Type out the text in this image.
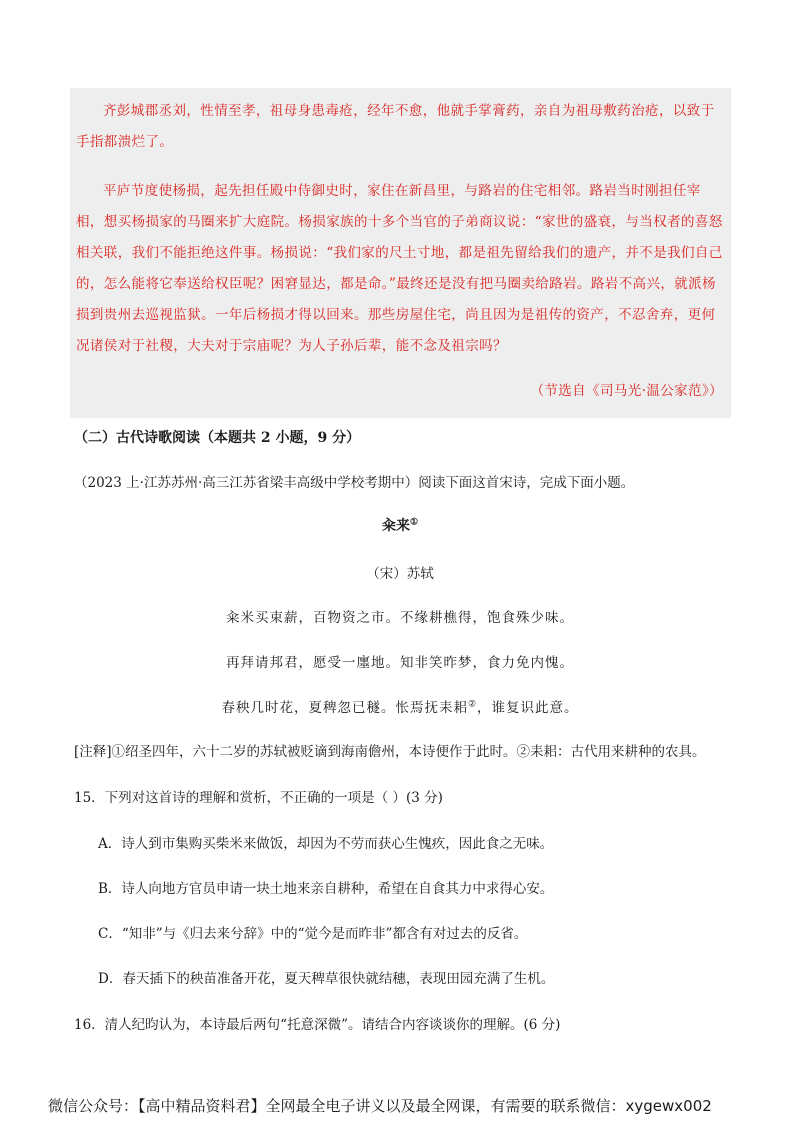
齐彭城郡丞刘，性情至孝，祖母身患毒疮，经年不愈，他就手掌膏药，亲自为祖母敷药治疮，以致于手指都溃烂了。

平庐节度使杨损，起先担任殿中侍御史时，家住在新昌里，与路岩的住宅相邻。路岩当时刚担任宰相，想买杨损家的马圈来扩大庭院。杨损家族的十多个当官的子弟商议说：“家世的盛衰，与当权者的喜怒相关联，我们不能拒绝这件事。杨损说：“我们家的尺土寸地，都是祖先留给我们的遗产，并不是我们自己的，怎么能将它奉送给权臣呢？困窘显达，都是命。”最终还是没有把马圈卖给路岩。路岩不高兴，就派杨损到贵州去巡视监狱。一年后杨损才得以回来。那些房屋住宅，尚且因为是祖传的资产，不忍舍弃，更何况诸侯对于社稷，大夫对于宗庙呢？为人子孙后辈，能不念及祖宗吗？

（节选自《司马光·温公家范》）

（二）古代诗歌阅读（本题共 2 小题，9 分）

（2023 上·江苏苏州·高三江苏省梁丰高级中学校考期中）阅读下面这首宋诗，完成下面小题。

籴来①

（宋）苏轼

籴米买束薪，百物资之市。不缘耕樵得，饱食殊少味。

再拜请邦君，愿受一廛地。知非笑昨梦，食力免内愧。

春秧几时花，夏稗忽已穟。怅焉抚耒耜②，谁复识此意。

[注释]①绍圣四年，六十二岁的苏轼被贬谪到海南儋州，本诗便作于此时。②耒耜：古代用来耕种的农具。

15．下列对这首诗的理解和赏析，不正确的一项是（ ）(3 分)

A．诗人到市集购买柴米来做饭，却因为不劳而获心生愧疚，因此食之无味。

B．诗人向地方官员申请一块土地来亲自耕种，希望在自食其力中求得心安。

C．“知非”与《归去来兮辞》中的“觉今是而昨非”都含有对过去的反省。

D．春天插下的秧苗准备开花，夏天稗草很快就结穗，表现田园充满了生机。

16．清人纪昀认为，本诗最后两句“托意深微”。请结合内容谈谈你的理解。(6 分)

微信公众号：【高中精品资料君】全网最全电子讲义以及最全网课，有需要的联系微信：xygewx002
